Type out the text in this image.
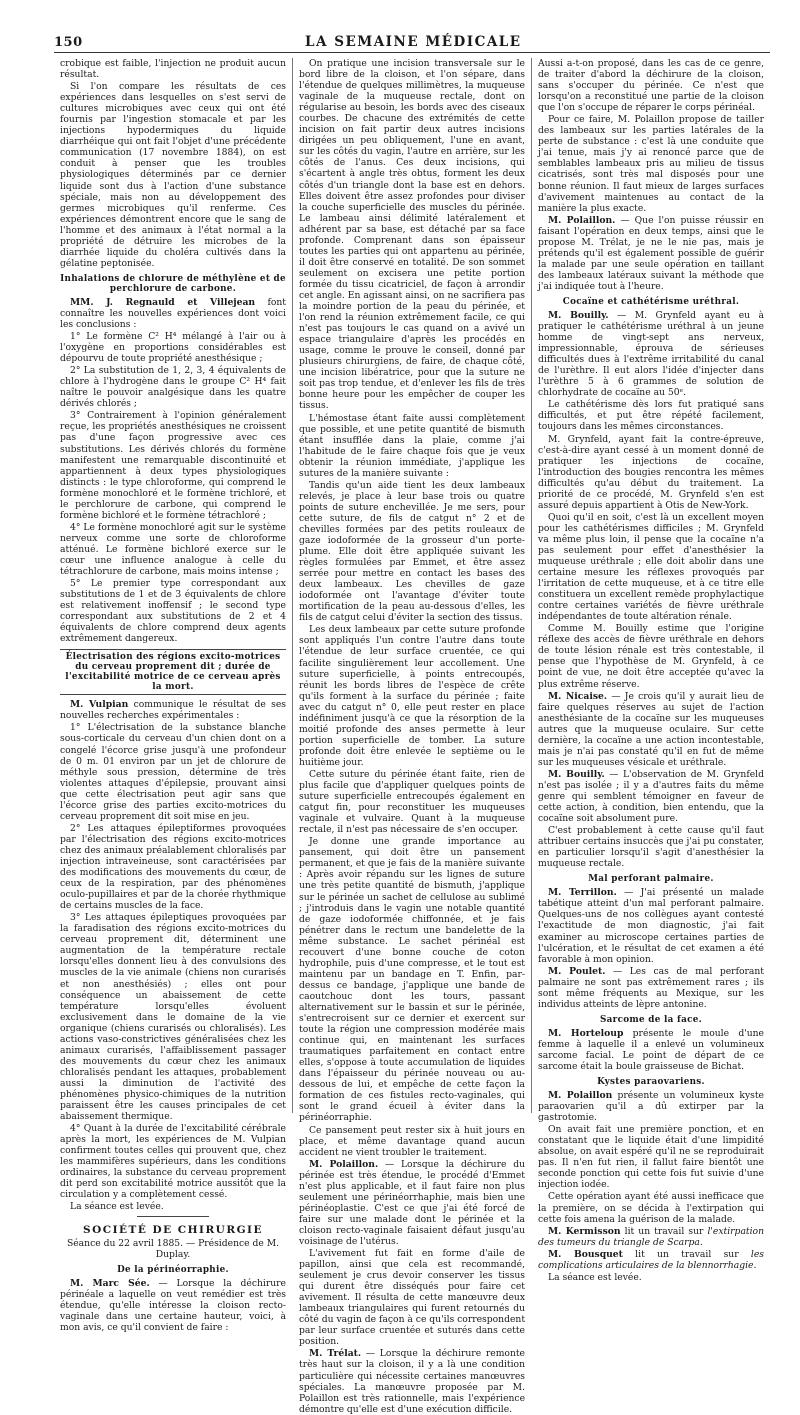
150	LA SEMAINE MÉDICALE

crobique est faible, l'injection ne produit aucun résultat.

Si l'on compare les résultats de ces expériences dans lesquelles on s'est servi de cultures microbiques avec ceux qui ont été fournis par l'ingestion stomacale et par les injections hypodermiques du liquide diarrhéique qui ont fait l'objet d'une précédente communication (17 novembre 1884), on est conduit à penser que les troubles physiologiques déterminés par ce dernier liquide sont dus à l'action d'une substance spéciale, mais non au développement des germes microbiques qu'il renferme. Ces expériences démontrent encore que le sang de l'homme et des animaux à l'état normal a la propriété de détruire les microbes de la diarrhée liquide du choléra cultivés dans la gélatine peptonisée.

Inhalations de chlorure de méthylène et de perchlorure de carbone.

MM. J. Regnauld et Villejean font connaître les nouvelles expériences dont voici les conclusions :

1° Le formène C² H⁴ mélangé à l'air ou à l'oxygène en proportions considérables est dépourvu de toute propriété anesthésique ;

2° La substitution de 1, 2, 3, 4 équivalents de chlore à l'hydrogène dans le groupe C² H⁴ fait naître le pouvoir analgésique dans les quatre dérivés chlorés ;

3° Contrairement à l'opinion généralement reçue, les propriétés anesthésiques ne croissent pas d'une façon progressive avec ces substitutions. Les dérivés chlorés du formène manifestent une remarquable discontinuité et appartiennent à deux types physiologiques distincts : le type chloroforme, qui comprend le formène monochloré et le formène trichloré, et le perchlorure de carbone, qui comprend le formène bichloré et le formène tétrachloré ;

4° Le formène monochloré agit sur le système nerveux comme une sorte de chloroforme atténué. Le formène bichloré exerce sur le cœur une influence analogue à celle du tétrachlorure de carbone, mais moins intense ;

5° Le premier type correspondant aux substitutions de 1 et de 3 équivalents de chlore est relativement inoffensif ; le second type correspondant aux substitutions de 2 et 4 équivalents de chlore comprend deux agents extrêmement dangereux.

Électrisation des régions excito-motrices du cerveau proprement dit ; durée de l'excitabilité motrice de ce cerveau après la mort.

M. Vulpian communique le résultat de ses nouvelles recherches expérimentales :

1° L'électrisation de la substance blanche sous-corticale du cerveau d'un chien dont on a congelé l'écorce grise jusqu'à une profondeur de 0 m. 01 environ par un jet de chlorure de méthyle sous pression, détermine de très violentes attaques d'épilepsie, prouvant ainsi que cette électrisation peut agir sans que l'écorce grise des parties excito-motrices du cerveau proprement dit soit mise en jeu.

2° Les attaques épileptiformes provoquées par l'électrisation des régions excito-motrices chez des animaux préalablement chloralisés par injection intraveineuse, sont caractérisées par des modifications des mouvements du cœur, de ceux de la respiration, par des phénomènes oculo-pupillaires et par de la chorée rhythmique de certains muscles de la face.

3° Les attaques épileptiques provoquées par la faradisation des régions excito-motrices du cerveau proprement dit, déterminent une augmentation de la température rectale lorsqu'elles donnent lieu à des convulsions des muscles de la vie animale (chiens non curarisés et non anesthésiés) ; elles ont pour conséquence un abaissement de cette température lorsqu'elles évoluent exclusivement dans le domaine de la vie organique (chiens curarisés ou chloralisés). Les actions vaso-constrictives généralisées chez les animaux curarisés, l'affaiblissement passager des mouvements du cœur chez les animaux chloralisés pendant les attaques, probablement aussi la diminution de l'activité des phénomènes physico-chimiques de la nutrition paraissent être les causes principales de cet abaissement thermique.

4° Quant à la durée de l'excitabilité cérébrale après la mort, les expériences de M. Vulpian confirment toutes celles qui prouvent que, chez les mammifères supérieurs, dans les conditions ordinaires, la substance du cerveau proprement dit perd son excitabilité motrice aussitôt que la circulation y a complètement cessé.

La séance est levée.

SOCIÉTÉ DE CHIRURGIE

Séance du 22 avril 1885. — Présidence de M. Duplay.

De la périnéorraphie.

M. Marc Sée. — Lorsque la déchirure périnéale a laquelle on veut remédier est très étendue, qu'elle intéresse la cloison recto-vaginale dans une certaine hauteur, voici, à mon avis, ce qu'il convient de faire :

On pratique une incision transversale sur le bord libre de la cloison, et l'on sépare, dans l'étendue de quelques millimètres, la muqueuse vaginale de la muqueuse rectale, dont on régularise au besoin, les bords avec des ciseaux courbes. De chacune des extrémités de cette incision on fait partir deux autres incisions dirigées un peu obliquement, l'une en avant, sur les côtés du vagin, l'autre en arrière, sur les côtés de l'anus. Ces deux incisions, qui s'écartent à angle très obtus, forment les deux côtés d'un triangle dont la base est en dehors. Elles doivent être assez profondes pour diviser la couche superficielle des muscles du périnée. Le lambeau ainsi délimité latéralement et adhérent par sa base, est détaché par sa face profonde. Comprenant dans son épaisseur toutes les parties qui ont appartenu au périnée, il doit être conservé en totalité. De son sommet seulement on excisera une petite portion formée du tissu cicatriciel, de façon à arrondir cet angle. En agissant ainsi, on ne sacrifiera pas la moindre portion de la peau du périnée, et l'on rend la réunion extrêmement facile, ce qui n'est pas toujours le cas quand on a avivé un espace triangulaire d'après les procédés en usage, comme le prouve le conseil, donné par plusieurs chirurgiens, de faire, de chaque côté, une incision libératrice, pour que la suture ne soit pas trop tendue, et d'enlever les fils de très bonne heure pour les empêcher de couper les tissus.

L'hémostase étant faite aussi complètement que possible, et une petite quantité de bismuth étant insufflée dans la plaie, comme j'ai l'habitude de le faire chaque fois que je veux obtenir la réunion immédiate, j'applique les sutures de la manière suivante :

Tandis qu'un aide tient les deux lambeaux relevés, je place à leur base trois ou quatre points de suture enchevillée. Je me sers, pour cette suture, de fils de catgut n° 2 et de chevilles formées par des petits rouleaux de gaze iodoformée de la grosseur d'un porte-plume. Elle doit être appliquée suivant les règles formulées par Emmet, et être assez serrée pour mettre en contact les bases des deux lambeaux. Les chevilles de gaze iodoformée ont l'avantage d'éviter toute mortification de la peau au-dessous d'elles, les fils de catgut celui d'éviter la section des tissus.

Les deux lambeaux par cette suture profonde sont appliqués l'un contre l'autre dans toute l'étendue de leur surface cruentée, ce qui facilite singulièrement leur accollement. Une suture superficielle, à points entrecoupés, réunit les bords libres de l'espèce de crête qu'ils forment à la surface du périnée ; faite avec du catgut n° 0, elle peut rester en place indéfiniment jusqu'à ce que la résorption de la moitié profonde des anses permette à leur portion superficielle de tomber. La suture profonde doit être enlevée le septième ou le huitième jour.

Cette suture du périnée étant faite, rien de plus facile que d'appliquer quelques points de suture superficielle entrecoupés également en catgut fin, pour reconstituer les muqueuses vaginale et vulvaire. Quant à la muqueuse rectale, il n'est pas nécessaire de s'en occuper.

Je donne une grande importance au pansement, qui doit être un pansement permanent, et que je fais de la manière suivante : Après avoir répandu sur les lignes de suture une très petite quantité de bismuth, j'applique sur le périnée un sachet de cellulose au sublimé ; j'introduis dans le vagin une notable quantité de gaze iodoformée chiffonnée, et je fais pénétrer dans le rectum une bandelette de la même substance. Le sachet périnéal est recouvert d'une bonne couche de coton hydrophile, puis d'une compresse, et le tout est maintenu par un bandage en T. Enfin, par-dessus ce bandage, j'applique une bande de caoutchouc dont les tours, passant alternativement sur le bassin et sur le périnée, s'entrecroisent sur ce dernier et exercent sur toute la région une compression modérée mais continue qui, en maintenant les surfaces traumatiques parfaitement en contact entre elles, s'oppose à toute accumulation de liquides dans l'épaisseur du périnée nouveau ou au-dessous de lui, et empêche de cette façon la formation de ces fistules recto-vaginales, qui sont le grand écueil à éviter dans la périnéorraphie.

Ce pansement peut rester six à huit jours en place, et même davantage quand aucun accident ne vient troubler le traitement.

M. Polaillon. — Lorsque la déchirure du périnée est très étendue, le procédé d'Emmet n'est plus applicable, et il faut faire non plus seulement une périnéorrhaphie, mais bien une périnéoplastie. C'est ce que j'ai été forcé de faire sur une malade dont le périnée et la cloison recto-vaginale faisaient défaut jusqu'au voisinage de l'utérus.

L'avivement fut fait en forme d'aile de papillon, ainsi que cela est recommandé, seulement je crus devoir conserver les tissus qui durent être disséqués pour faire cet avivement. Il résulta de cette manœuvre deux lambeaux triangulaires qui furent retournés du côté du vagin de façon à ce qu'ils correspondent par leur surface cruentée et suturés dans cette position.

M. Trélat. — Lorsque la déchirure remonte très haut sur la cloison, il y a là une condition particulière qui nécessite certaines manœuvres spéciales. La manœuvre proposée par M. Polaillon est très rationnelle, mais l'expérience démontre qu'elle est d'une exécution difficile.

Aussi a-t-on proposé, dans les cas de ce genre, de traiter d'abord la déchirure de la cloison, sans s'occuper du périnée. Ce n'est que lorsqu'on a reconstitué une partie de la cloison que l'on s'occupe de réparer le corps périnéal.

Pour ce faire, M. Polaillon propose de tailler des lambeaux sur les parties latérales de la perte de substance : c'est là une conduite que j'ai tenue, mais j'y ai renoncé parce que de semblables lambeaux pris au milieu de tissus cicatrisés, sont très mal disposés pour une bonne réunion. Il faut mieux de larges surfaces d'avivement maintenues au contact de la manière la plus exacte.

M. Polaillon. — Que l'on puisse réussir en faisant l'opération en deux temps, ainsi que le propose M. Trélat, je ne le nie pas, mais je prétends qu'il est également possible de guérir la malade par une seule opération en taillant des lambeaux latéraux suivant la méthode que j'ai indiquée tout à l'heure.

Cocaïne et cathétérisme uréthral.

M. Bouilly. — M. Grynfeld ayant eu à pratiquer le cathétérisme uréthral à un jeune homme de vingt-sept ans nerveux, impressionnable, éprouva de sérieuses difficultés dues à l'extrême irritabilité du canal de l'urèthre. Il eut alors l'idée d'injecter dans l'urèthre 5 à 6 grammes de solution de chlorhydrate de cocaïne au 50ᵉ.

Le cathétérisme dès lors fut pratiqué sans difficultés, et put être répété facilement, toujours dans les mêmes circonstances.

M. Grynfeld, ayant fait la contre-épreuve, c'est-à-dire ayant cessé à un moment donné de pratiquer les injections de cocaïne, l'introduction des bougies rencontra les mêmes difficultés qu'au début du traitement. La priorité de ce procédé, M. Grynfeld s'en est assuré depuis appartient à Otis de New-York.

Quoi qu'il en soit, c'est là un excellent moyen pour les cathétérismes difficiles ; M. Grynfeld va même plus loin, il pense que la cocaïne n'a pas seulement pour effet d'anesthésier la muqueuse uréthrale ; elle doit abolir dans une certaine mesure les réflexes provoqués par l'irritation de cette muqueuse, et à ce titre elle constituera un excellent remède prophylactique contre certaines variétés de fièvre uréthrale indépendantes de toute altération rénale.

Comme M. Bouilly estime que l'origine réflexe des accès de fièvre uréthrale en dehors de toute lésion rénale est très contestable, il pense que l'hypothèse de M. Grynfeld, à ce point de vue, ne doit être acceptée qu'avec la plus extrême réserve.

M. Nicaise. — Je crois qu'il y aurait lieu de faire quelques réserves au sujet de l'action anesthésiante de la cocaïne sur les muqueuses autres que la muqueuse oculaire. Sur cette dernière, la cocaïne a une action incontestable, mais je n'ai pas constaté qu'il en fut de même sur les muqueuses vésicale et uréthrale.

M. Bouilly. — L'observation de M. Grynfeld n'est pas isolée ; il y a d'autres faits du même genre qui semblent témoigner en faveur de cette action, à condition, bien entendu, que la cocaïne soit absolument pure.

C'est probablement à cette cause qu'il faut attribuer certains insuccès que j'ai pu constater, en particulier lorsqu'il s'agit d'anesthésier la muqueuse rectale.

Mal perforant palmaire.

M. Terrillon. — J'ai présenté un malade tabétique atteint d'un mal perforant palmaire. Quelques-uns de nos collègues ayant contesté l'exactitude de mon diagnostic, j'ai fait examiner au microscope certaines parties de l'ulcération, et le résultat de cet examen a été favorable à mon opinion.

M. Poulet. — Les cas de mal perforant palmaire ne sont pas extrêmement rares ; ils sont même fréquents au Mexique, sur les individus atteints de lèpre antonine.

Sarcome de la face.

M. Horteloup présente le moule d'une femme à laquelle il a enlevé un volumineux sarcome facial. Le point de départ de ce sarcome était la boule graisseuse de Bichat.

Kystes paraovariens.

M. Polaillon présente un volumineux kyste paraovarien qu'il a dû extirper par la gastrotomie.

On avait fait une première ponction, et en constatant que le liquide était d'une limpidité absolue, on avait espéré qu'il ne se reproduirait pas. Il n'en fut rien, il fallut faire bientôt une seconde ponction qui cette fois fut suivie d'une injection iodée.

Cette opération ayant été aussi inefficace que la première, on se décida à l'extirpation qui cette fois amena la guérison de la malade.

M. Kermisson lit un travail sur l'extirpation des tumeurs du triangle de Scarpa.

M. Bousquet lit un travail sur les complications articulaires de la blennorrhagie.

La séance est levée.
